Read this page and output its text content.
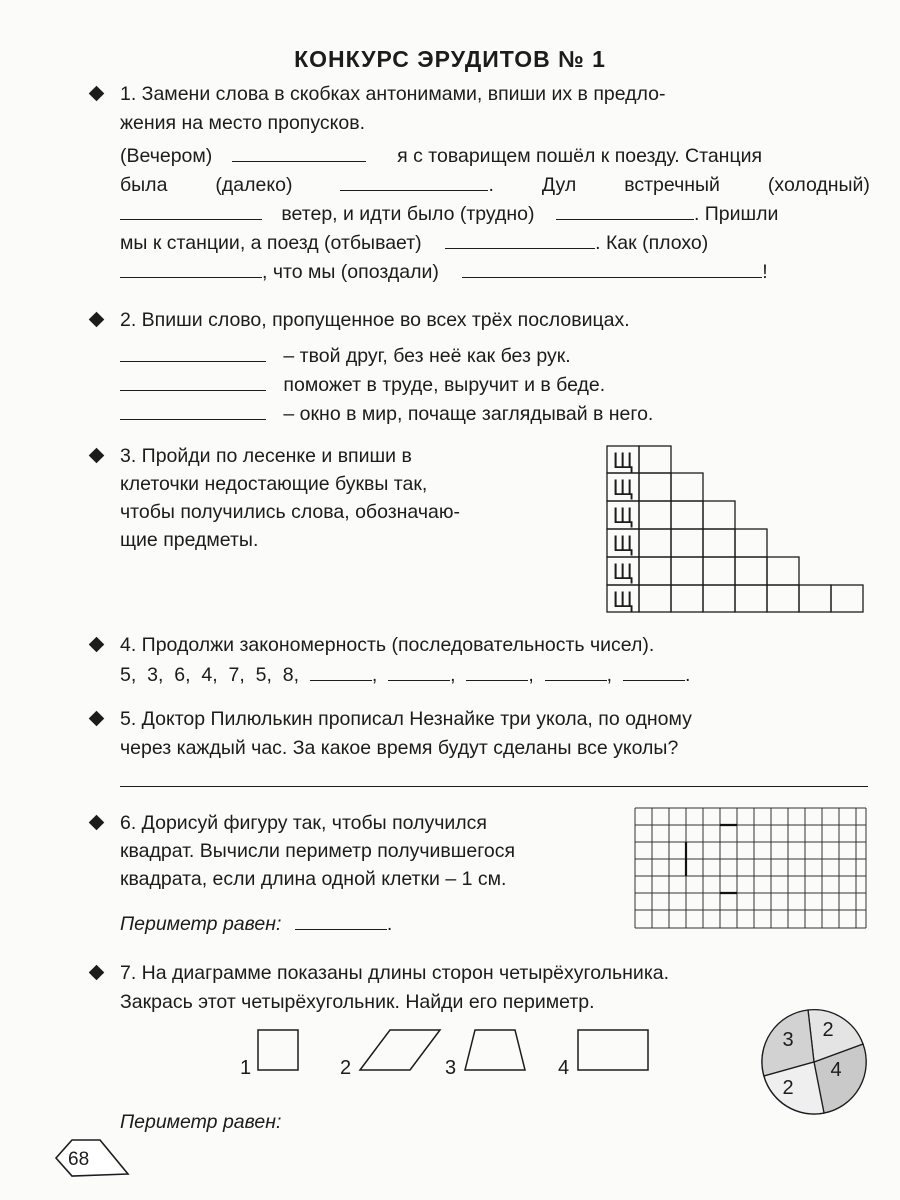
КОНКУРС ЭРУДИТОВ № 1
1. Замени слова в скобках антонимами, впиши их в предло-
жения на место пропусков.
(Вечером)	я с товарищем пошёл к поезду. Станция
была (далеко)	. Дул встречный (холодный)
ветер, и идти было (трудно)	. Пришли
мы к станции, а поезд (отбывает)	. Как (плохо)
, что мы (опоздали)	!
2. Впиши слово, пропущенное во всех трёх пословицах.
– твой друг, без неё как без рук.
поможет в труде, выручит и в беде.
– окно в мир, почаще заглядывай в него.
3. Пройди по лесенке и впиши в
клеточки недостающие буквы так,
чтобы получились слова, обозначаю-
щие предметы.
Щ
Щ
Щ
Щ
Щ
Щ
4. Продолжи закономерность (последовательность чисел).
5,  3,  6,  4,  7,  5,  8,	,	,	,	,	.
5. Доктор Пилюлькин прописал Незнайке три укола, по одному
через каждый час. За какое время будут сделаны все уколы?
6. Дорисуй фигуру так, чтобы получился
квадрат. Вычисли периметр получившегося
квадрата, если длина одной клетки – 1 см.
Периметр равен:	.
7. На диаграмме показаны длины сторон четырёхугольника.
Закрась этот четырёхугольник. Найди его периметр.
1	2	3	4
3 2
4
2
Периметр равен:
68
